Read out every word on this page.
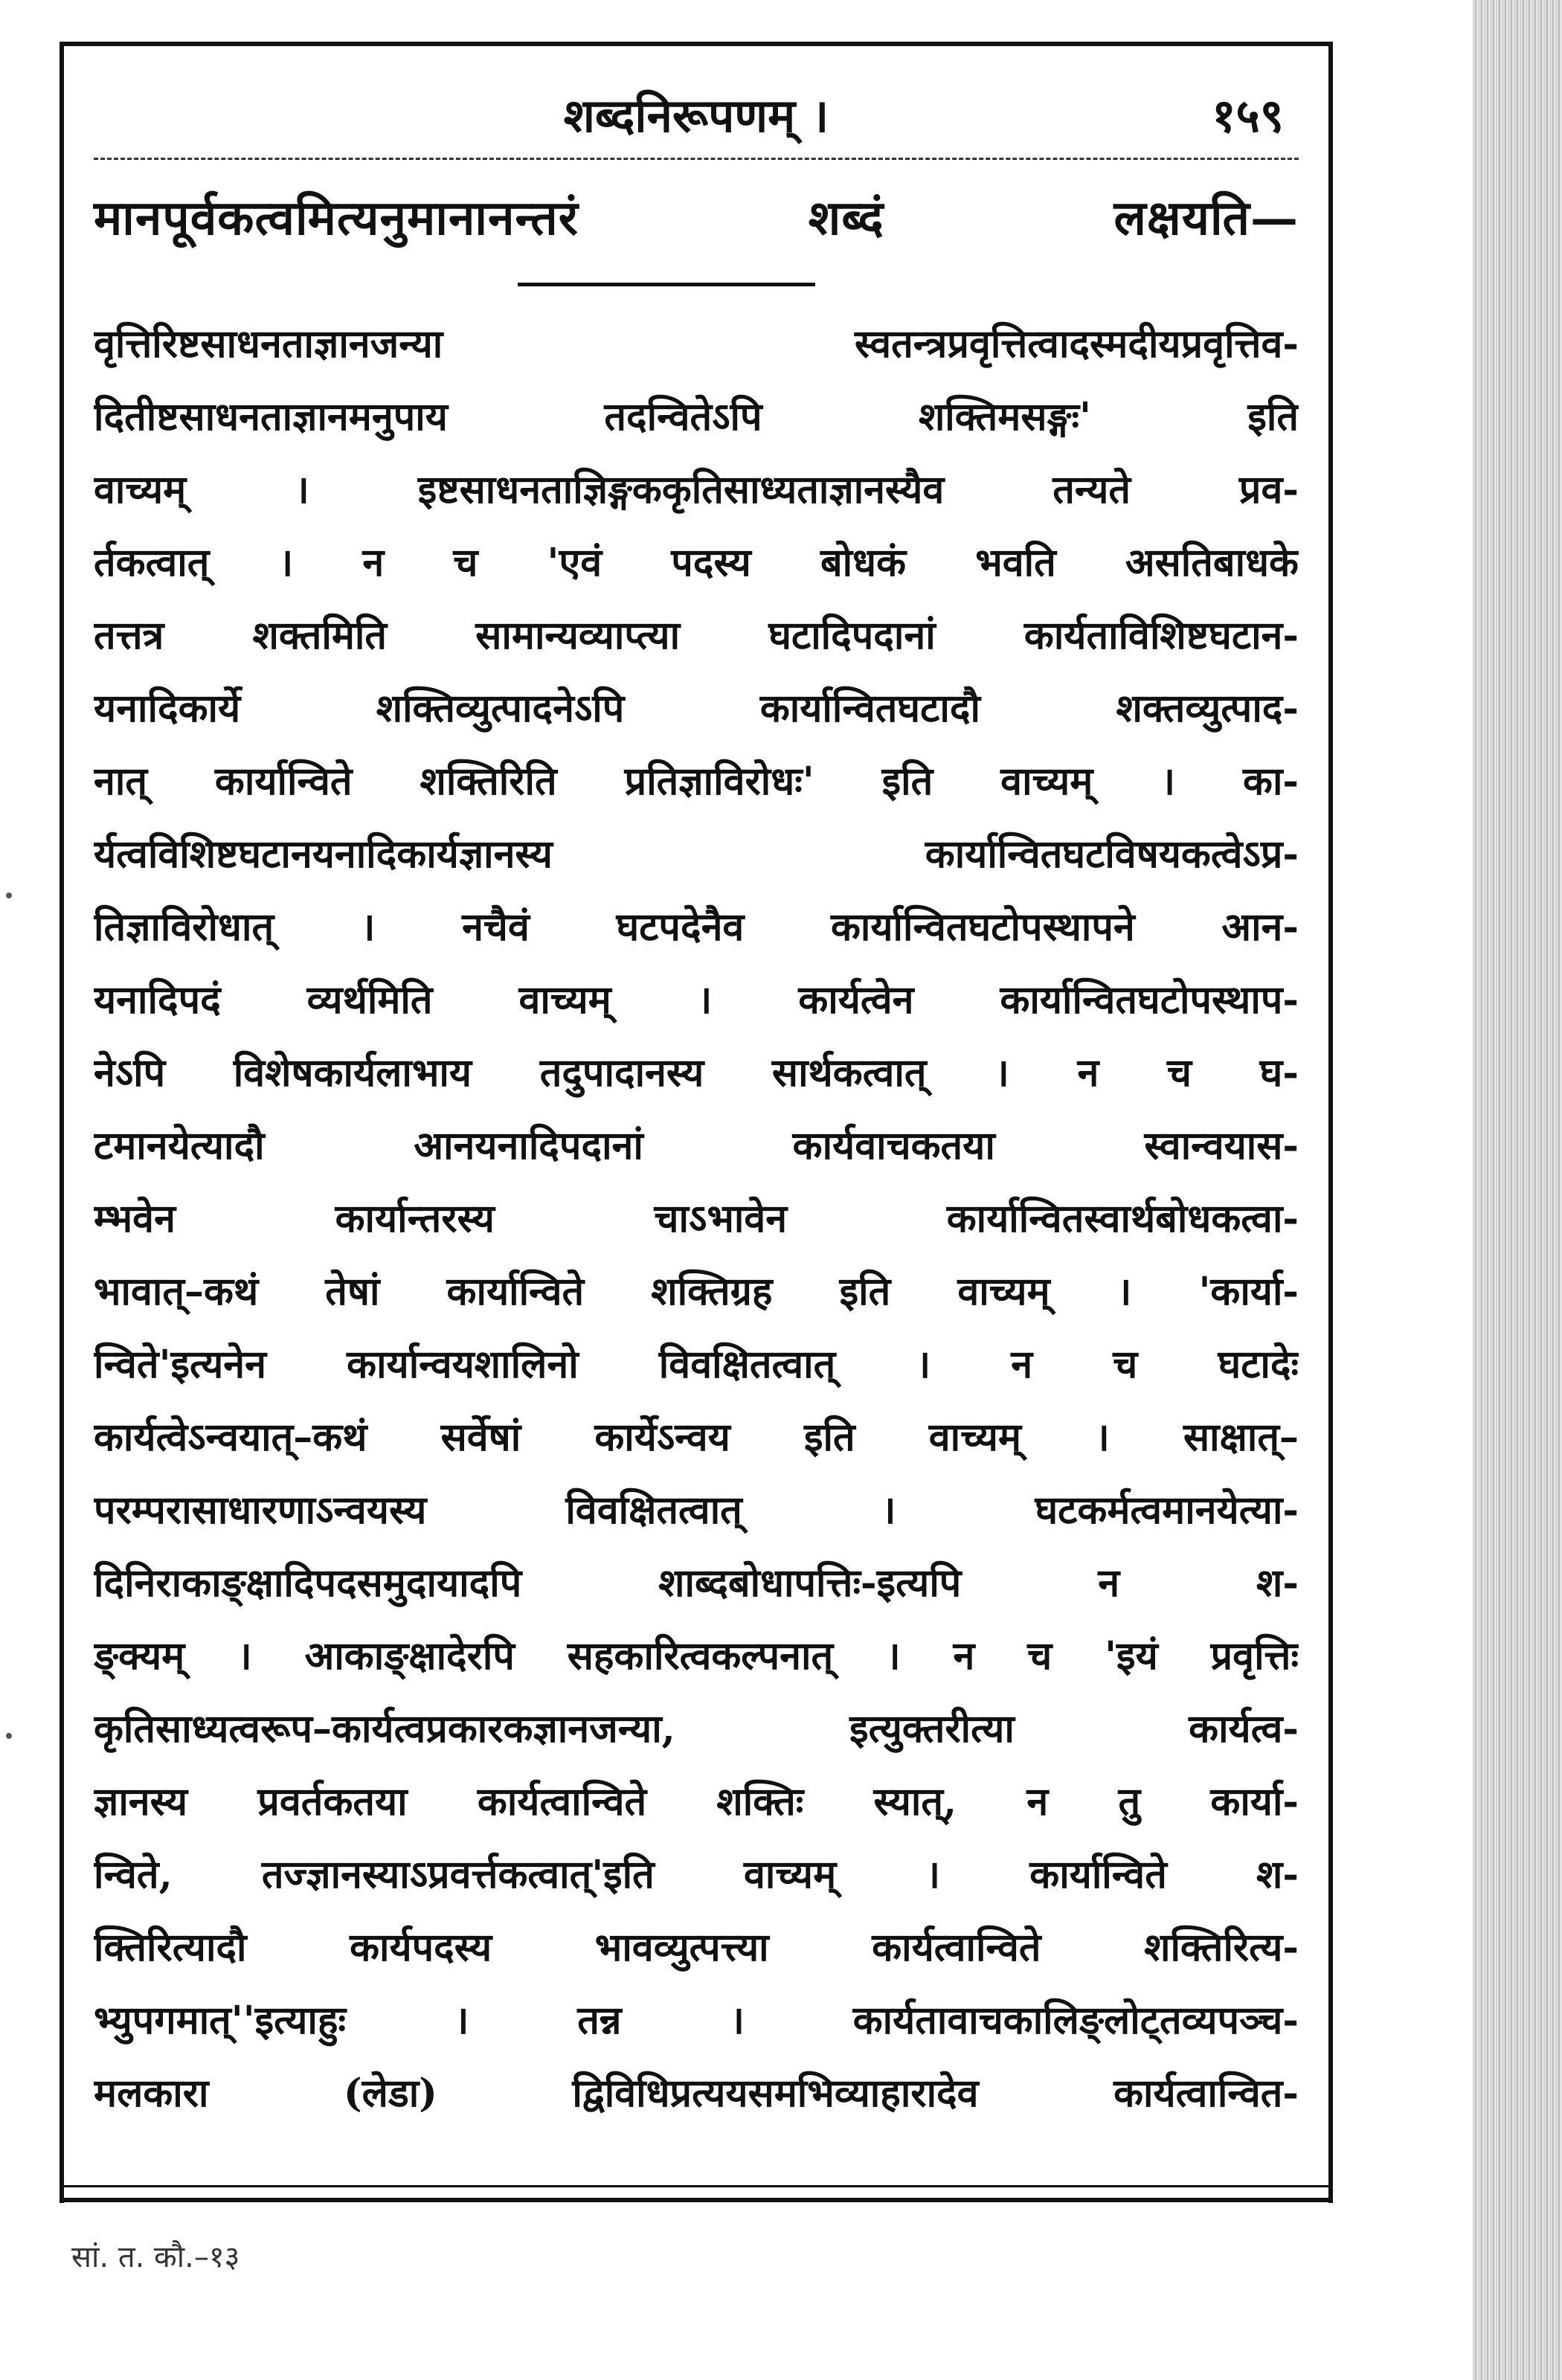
शब्दनिरूपणम् ।	१५९
मानपूर्वकत्वमित्यनुमानानन्तरं शब्दं लक्षयति—
वृत्तिरिष्टसाधनताज्ञानजन्या स्वतन्त्रप्रवृत्तित्वादस्मदीयप्रवृत्तिव-
दितीष्टसाधनताज्ञानमनुपाय तदन्वितेऽपि शक्तिमसङ्गः' इति
वाच्यम् । इष्टसाधनताज्ञिङ्गककृतिसाध्यताज्ञानस्यैव तन्यते प्रव-
र्तकत्वात् । न च 'एवं पदस्य बोधकं भवति असतिबाधके
तत्तत्र शक्तमिति सामान्यव्याप्त्या घटादिपदानां कार्यताविशिष्टघटान-
यनादिकार्ये शक्तिव्युत्पादनेऽपि कार्यान्वितघटादौ शक्तव्युत्पाद-
नात् कार्यान्विते शक्तिरिति प्रतिज्ञाविरोधः' इति वाच्यम् । का-
र्यत्वविशिष्टघटानयनादिकार्यज्ञानस्य कार्यान्वितघटविषयकत्वेऽप्र-
तिज्ञाविरोधात् । नचैवं घटपदेनैव कार्यान्वितघटोपस्थापने आन-
यनादिपदं व्यर्थमिति वाच्यम् । कार्यत्वेन कार्यान्वितघटोपस्थाप-
नेऽपि विशेषकार्यलाभाय तदुपादानस्य सार्थकत्वात् । न च घ-
टमानयेत्यादौ आनयनादिपदानां कार्यवाचकतया स्वान्वयास-
म्भवेन कार्यान्तरस्य चाऽभावेन कार्यान्वितस्वार्थबोधकत्वा-
भावात्–कथं तेषां कार्यान्विते शक्तिग्रह इति वाच्यम् । 'कार्या-
न्विते'इत्यनेन कार्यान्वयशालिनो विवक्षितत्वात् । न च घटादेः
कार्यत्वेऽन्वयात्–कथं सर्वेषां कार्येऽन्वय इति वाच्यम् । साक्षात्–
परम्परासाधारणाऽन्वयस्य विवक्षितत्वात् । घटकर्मत्वमानयेत्या-
दिनिराकाङ्क्षादिपदसमुदायादपि शाब्दबोधापत्तिः-इत्यपि न श-
ङ्क्यम् । आकाङ्क्षादेरपि सहकारित्वकल्पनात् । न च 'इयं प्रवृत्तिः
कृतिसाध्यत्वरूप–कार्यत्वप्रकारकज्ञानजन्या, इत्युक्तरीत्या कार्यत्व-
ज्ञानस्य प्रवर्तकतया कार्यत्वान्विते शक्तिः स्यात्, न तु कार्या-
न्विते, तज्ज्ञानस्याऽप्रवर्त्तकत्वात्'इति वाच्यम् । कार्यान्विते श-
क्तिरित्यादौ कार्यपदस्य भावव्युत्पत्त्या कार्यत्वान्विते शक्तिरित्य-
भ्युपगमात्''इत्याहुः । तन्न । कार्यतावाचकालिङ्लोट्तव्यपञ्च-
मलकारा (लेडा) द्विविधिप्रत्ययसमभिव्याहारादेव कार्यत्वान्वित-
सां. त. कौ.–१३
